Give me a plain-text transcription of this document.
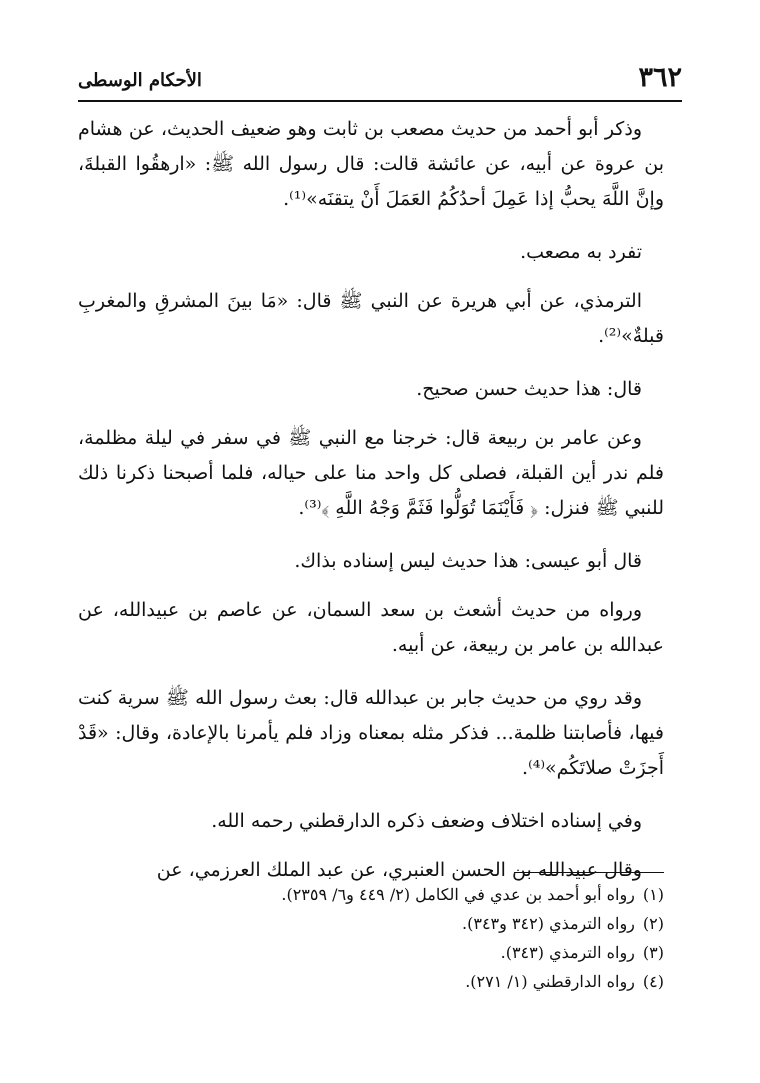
٣٦٢
الأحكام الوسطى

وذكر أبو أحمد من حديث مصعب بن ثابت وهو ضعيف الحديث، عن هشام بن عروة عن أبيه، عن عائشة قالت: قال رسول الله ﷺ: «ارهقُوا القبلةَ، وإنَّ اللَّهَ يحبُّ إذا عَمِلَ أحدُكُمُ العَمَلَ أَنْ يتقنَه»⁽¹⁾.

تفرد به مصعب.

الترمذي، عن أبي هريرة عن النبي ﷺ قال: «مَا بينَ المشرقِ والمغربِ قبلةٌ»⁽²⁾.

قال: هذا حديث حسن صحيح.

وعن عامر بن ربيعة قال: خرجنا مع النبي ﷺ في سفر في ليلة مظلمة، فلم ندر أين القبلة، فصلى كل واحد منا على حياله، فلما أصبحنا ذكرنا ذلك للنبي ﷺ فنزل: ﴿ فَأَيْنَمَا تُوَلُّوا فَثَمَّ وَجْهُ اللَّهِ ﴾⁽³⁾.

قال أبو عيسى: هذا حديث ليس إسناده بذاك.

ورواه من حديث أشعث بن سعد السمان، عن عاصم بن عبيدالله، عن عبدالله بن عامر بن ربيعة، عن أبيه.

وقد روي من حديث جابر بن عبدالله قال: بعث رسول الله ﷺ سرية كنت فيها، فأصابتنا ظلمة... فذكر مثله بمعناه وزاد فلم يأمرنا بالإعادة، وقال: «قَدْ أَجزَتْ صلاتَكُم»⁽⁴⁾.

وفي إسناده اختلاف وضعف ذكره الدارقطني رحمه الله.

وقال عبيدالله بن الحسن العنبري، عن عبد الملك العرزمي، عن

(١)رواه أبو أحمد بن عدي في الكامل (٢/ ٤٤٩ و٦/ ٢٣٥٩).
(٢)رواه الترمذي (٣٤٢ و٣٤٣).
(٣)رواه الترمذي (٣٤٣).
(٤)رواه الدارقطني (١/ ٢٧١).
